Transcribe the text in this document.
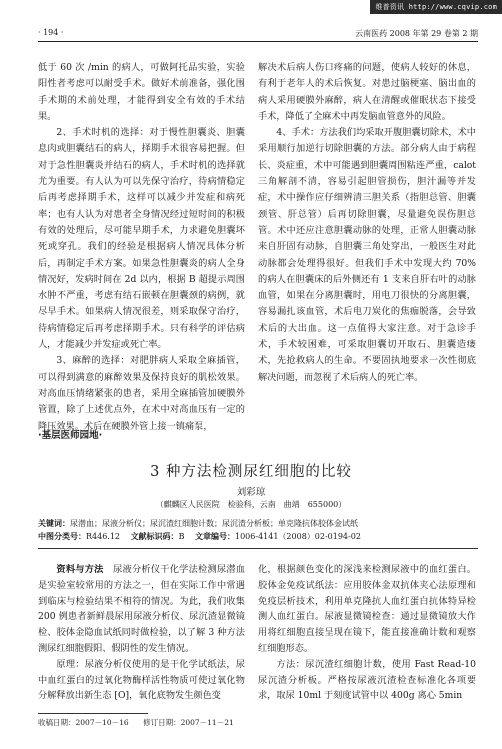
维普资讯 http://www.cqvip.com
· 194 ·	云南医药 2008 年第 29 卷第 2 期

低于 60 次 /min 的病人，可做阿托品实验，实验阳性者考虑可以耐受手术。做好术前准备，强化围手术期的术前处理，才能得到安全有效的手术结果。

2、手术时机的选择：对于慢性胆囊炎、胆囊息肉或胆囊结石的病人，择期手术很容易把握。但对于急性胆囊炎并结石的病人，手术时机的选择就尤为重要。有人认为可以先保守治疗，待病情稳定后再考虑择期手术，这样可以减少并发症和病死率；也有人认为对患者全身情况经过短时间的积极有效的处理后，尽可能早期手术，力求避免胆囊坏死或穿孔。我们的经验是根据病人情况具体分析后，再制定手术方案。如果急性胆囊炎的病人全身情况好，发病时间在 2d 以内，根据 B 超提示周围水肿不严重，考虑有结石嵌顿在胆囊颈的病例，就尽早手术。如果病人情况很差，则采取保守治疗，待病情稳定后再考虑择期手术。只有科学的评估病人，才能减少并发症或死亡率。

3、麻醉的选择：对肥胖病人采取全麻插管，可以得到满意的麻醉效果及保持良好的肌松效果。对高血压情绪紧张的患者，采用全麻插管加硬膜外管置，除了上述优点外，在术中对高血压有一定的降压效果。术后在硬膜外管上接一镇痛泵，

解决术后病人伤口疼痛的问题，使病人较好的休息，有利于老年人的术后恢复。对患过脑梗塞、脑出血的病人采用硬膜外麻醉，病人在清醒或催眠状态下接受手术，降低了全麻术中再发脑血管意外的风险。

4、手术：方法我们均采取开腹胆囊切除术，术中采用顺行加逆行切除胆囊的方法。部分病人由于病程长、炎症重，术中可能遇到胆囊周围粘连严重，calot 三角解剖不清，容易引起胆管损伤，胆汁漏等并发症，术中操作应仔细辨清三胆关系（指胆总管、胆囊颈管、肝总管）后再切除胆囊，尽量避免误伤胆总管。术中还应注意胆囊动脉的处理，正常人胆囊动脉来自肝固有动脉，自胆囊三角处穿出，一般医生对此动脉都会处理得很好。但我们手术中发现大约 70% 的病人在胆囊床的后外侧还有 1 支来自肝右叶的动脉血管，如果在分离胆囊时，用电刀很快的分离胆囊，容易漏扎该血管，术后电刀炭化的焦痂脱落，会导致术后的大出血。这一点值得大家注意。对于急诊手术，手术较困难，可采取胆囊切开取石、胆囊造瘘术，先抢救病人的生命。不要固执地要求一次性彻底解决问题，而忽视了术后病人的死亡率。

·基层医师园地·
3 种方法检测尿红细胞的比较
刘彩琼
（麒麟区人民医院　检验科，云南　曲靖　655000）
关键词：尿潜血；尿液分析仪；尿沉渣红细胞计数；尿沉渣分析板；单克隆抗体胶体金试纸
中图分类号：R446.12 文献标识码：B 文章编号：1006-4141（2008）02-0194-02

资料与方法　 尿液分析仪干化学法检测尿潜血是实验室较常用的方法之一，但在实际工作中常遇到临床与检验结果不相符的情况。为此，我们收集 200 例患者新鲜晨尿用尿液分析仪、尿沉渣显微镜检、胶体金隐血试纸同时做检验，以了解 3 种方法测尿红细胞假阳、假阴性的发生情况。

原理：尿液分析仪使用的是干化学试纸法，尿中血红蛋白的过氧化物酶样活性物质可使过氧化物分解释放出新生态 [O]，氧化底物发生颜色变

化，根据颜色变化的深浅来检测尿液中的血红蛋白。胶体金免疫试纸法：应用胶体金双抗体夹心法原理和免疫层析技术，利用单克隆抗人血红蛋白抗体特异检测人血红蛋白。尿液显微镜检查：通过显微镜放大作用将红细胞直接呈现在镜下，能直接准确计数和观察红细胞形态。

方法：尿沉渣红细胞计数，使用 Fast Read-10 尿沉渣分析板。严格按尿液沉渣检查标准化各项要求，取尿 10ml 于刻度试管中以 400g 离心 5min

收稿日期：2007－10－16 修订日期：2007－11－21
